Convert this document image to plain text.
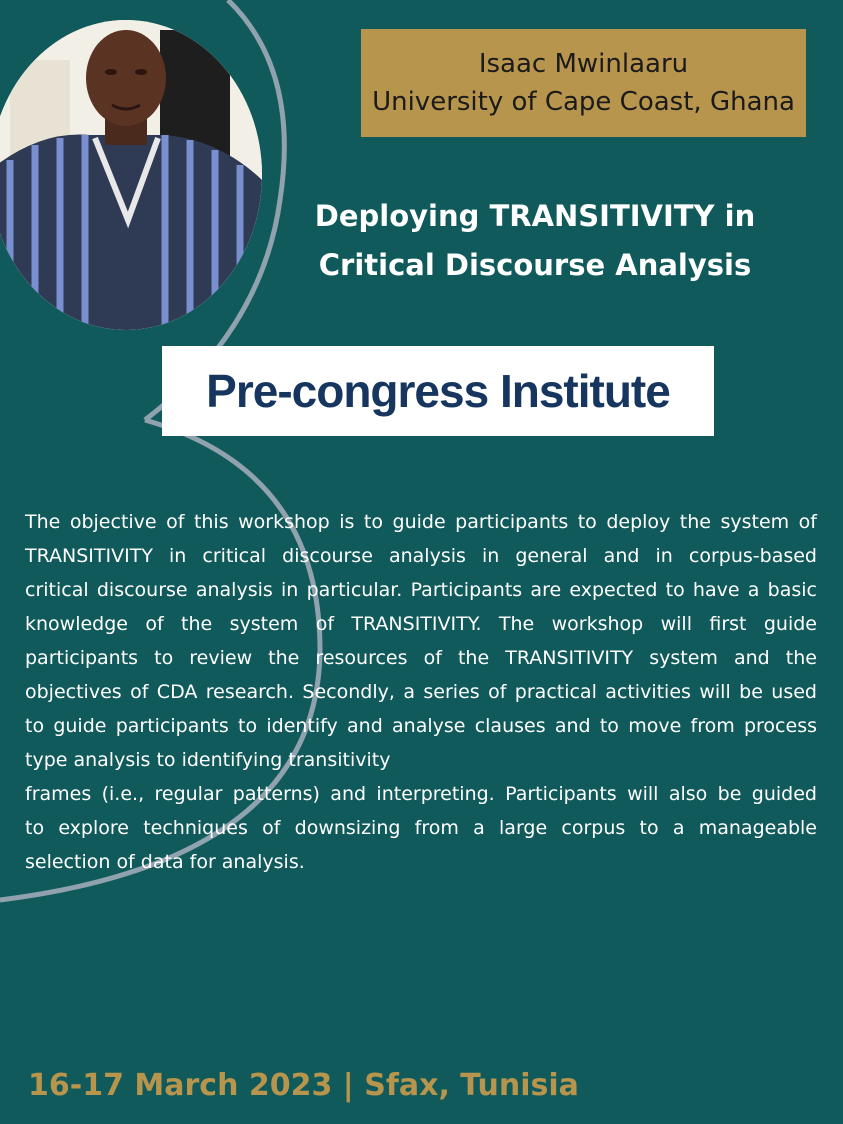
Isaac Mwinlaaru
University of Cape Coast, Ghana
Deploying TRANSITIVITY in
Critical Discourse Analysis
Pre-congress Institute
The objective of this workshop is to guide participants to deploy the system of
TRANSITIVITY in critical discourse analysis in general and in corpus-based
critical discourse analysis in particular. Participants are expected to have a basic
knowledge of the system of TRANSITIVITY. The workshop will first guide
participants to review the resources of the TRANSITIVITY system and the
objectives of CDA research. Secondly, a series of practical activities will be used
to guide participants to identify and analyse clauses and to move from process
type analysis to identifying transitivity
frames (i.e., regular patterns) and interpreting. Participants will also be guided
to explore techniques of downsizing from a large corpus to a manageable
selection of data for analysis.
16-17 March 2023 | Sfax, Tunisia
